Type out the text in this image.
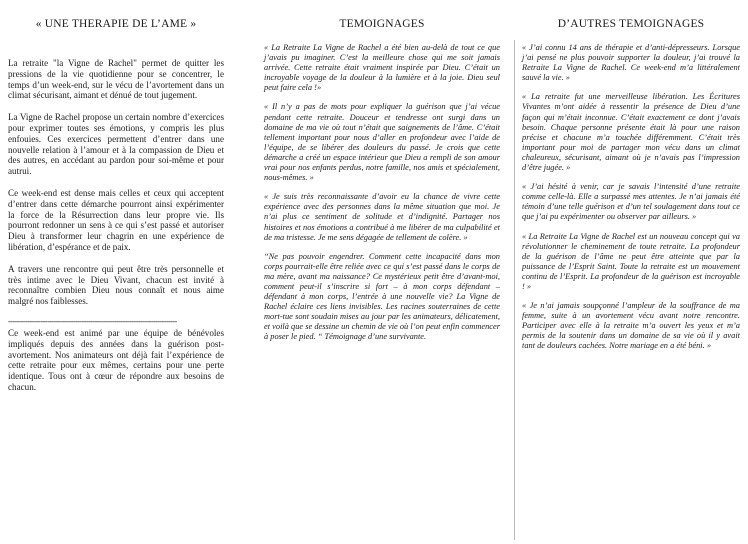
« UNE THERAPIE DE L’AME »

La retraite "la Vigne de Rachel" permet de quitter les pressions de la vie quotidienne pour se concentrer, le temps d’un week-end, sur le vécu de l’avortement dans un climat sécurisant, aimant et dénué de tout jugement.

La Vigne de Rachel propose un certain nombre d’exercices pour exprimer toutes ses émotions, y compris les plus enfouies. Ces exercices permettent d’entrer dans une nouvelle relation à l’amour et à la compassion de Dieu et des autres, en accédant au pardon pour soi-même et pour autrui.

Ce week-end est dense mais celles et ceux qui acceptent d’entrer dans cette démarche pourront ainsi expérimenter la force de la Résurrection dans leur propre vie. Ils pourront redonner un sens à ce qui s’est passé et autoriser Dieu à transformer leur chagrin en une expérience de libération, d’espérance et de paix.

A travers une rencontre qui peut être très personnelle et très intime avec le Dieu Vivant, chacun est invité à reconnaître combien Dieu nous connaît et nous aime malgré nos faiblesses.

------------------------------------------------------------------------------

Ce week-end est animé par une équipe de bénévoles impliqués depuis des années dans la guérison post-avortement. Nos animateurs ont déjà fait l’expérience de cette retraite pour eux mêmes, certains pour une perte identique. Tous ont à cœur de répondre aux besoins de chacun.

TEMOIGNAGES

« La Retraite La Vigne de Rachel a été bien au-delà de tout ce que j’avais pu imaginer. C’est la meilleure chose qui me soit jamais arrivée. Cette retraite était vraiment inspirée par Dieu. C’était un incroyable voyage de la douleur à la lumière et à la joie. Dieu seul peut faire cela !»

« Il n’y a pas de mots pour expliquer la guérison que j’ai vécue pendant cette retraite. Douceur et tendresse ont surgi dans un domaine de ma vie où tout n’était que saignements de l’âme. C’était tellement important pour nous d’aller en profondeur avec l’aide de l’équipe, de se libérer des douleurs du passé. Je crois que cette démarche a créé un espace intérieur que Dieu a rempli de son amour vrai pour nos enfants perdus, notre famille, nos amis et spécialement, nous-mêmes. »

« Je suis très reconnaissante d’avoir eu la chance de vivre cette expérience avec des personnes dans la même situation que moi. Je n’ai plus ce sentiment de solitude et d’indignité. Partager nos histoires et nos émotions a contribué à me libérer de ma culpabilité et de ma tristesse. Je me sens dégagée de tellement de colère. »

“Ne pas pouvoir engendrer. Comment cette incapacité dans mon corps pourrait-elle être reliée avec ce qui s’est passé dans le corps de ma mère, avant ma naissance? Ce mystérieux petit être d’avant-moi, comment peut-il s’inscrire si fort – à mon corps défendant – défendant à mon corps, l’entrée à une nouvelle vie? La Vigne de Rachel éclaire ces liens invisibles. Les racines souterraines de cette mort-tue sont soudain mises au jour par les animateurs, délicatement, et voilà que se dessine un chemin de vie où l’on peut enfin commencer à poser le pied. “ Témoignage d’une survivante.

D’AUTRES TEMOIGNAGES

« J’ai connu 14 ans de thérapie et d’anti-dépresseurs. Lorsque j’ai pensé ne plus pouvoir supporter la douleur, j’ai trouvé la Retraite La Vigne de Rachel. Ce week-end m’a littéralement sauvé la vie. »

« La retraite fut une merveilleuse libération. Les Écritures Vivantes m’ont aidée à ressentir la présence de Dieu d’une façon qui m’était inconnue. C’était exactement ce dont j’avais besoin. Chaque personne présente était là pour une raison précise et chacune m’a touchée différemment. C’était très important pour moi de partager mon vécu dans un climat chaleureux, sécurisant, aimant où je n’avais pas l’impression d’être jugée. »

« J’ai hésité à venir, car je savais l’intensité d’une retraite comme celle-là. Elle a surpassé mes attentes. Je n’ai jamais été témoin d’une telle guérison et d’un tel soulagement dans tout ce que j’ai pu expérimenter ou observer par ailleurs. »

« La Retraite La Vigne de Rachel est un nouveau concept qui va révolutionner le cheminement de toute retraite. La profondeur de la guérison de l’âme ne peut être atteinte que par la puissance de l’Esprit Saint. Toute la retraite est un mouvement continu de l’Esprit. La profondeur de la guérison est incroyable ! »

« Je n’ai jamais soupçonné l’ampleur de la souffrance de ma femme, suite à un avortement vécu avant notre rencontre. Participer avec elle à la retraite m’a ouvert les yeux et m’a permis de la soutenir dans un domaine de sa vie où il y avait tant de douleurs cachées. Notre mariage en a été béni. »
